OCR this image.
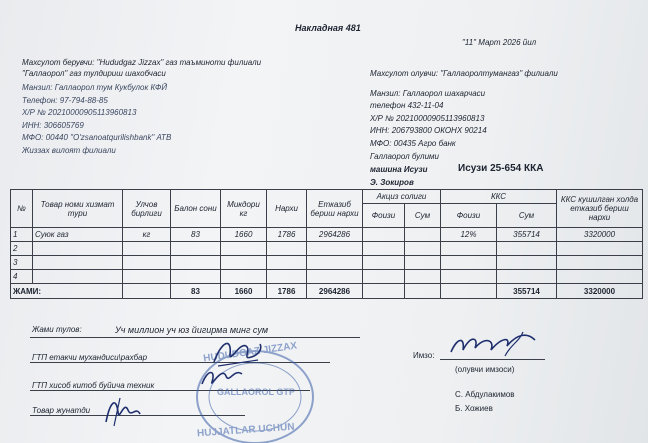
Накладная 481
"11" Март 2026 йил
Махсулот берувчи: "Hududgaz Jizzax" газ таъминоти филиали
"Галлаорол" газ тулдириш шахобчаси
Манзил: Галлаорол тум Кукбулок КФЙ
Телефон: 97-794-88-85
Х/Р № 20210000905113960813
ИНН: 306605769
МФО: 00440 "O'zsanoatqurilishbank" АТВ
Жиззах вилоят филиали
Махсулот олувчи: "Галлаоролтумангаз" филиали
Манзил: Галлаорол шахарчаси
телефон 432-11-04
Х/Р № 20210000905113960813
ИНН: 206793800 ОКОНХ 90214
МФО: 00435 Агро банк
Галлаорол булими
машина Исузи	Исузи 25-654 ККА
Э. Зокиров
№	Товар номи хизмат тури	Улчов бирлиги	Балон сони	Микдори кг	Нархи	Етказиб бериш нархи	Акциз солиги		ККС		ККС кушилган холда етказиб бериш нархи
							Фоизи	Сум	Фоизи	Сум	
1	Суюк газ	кг	83	1660	1786	2964286			12%	355714	3320000
2											
3											
4											
ЖАМИ:			83	1660	1786	2964286				355714	3320000
Жами тулов:	Уч миллион уч юз йигирма минг сум
ГТП етакчи мухандиси\рахбар
ГТП хисоб китоб буйича техник
Товар жунатди
Имзо:
(олувчи имзоси)
С. Абдулакимов
Б. Хожиев
HUDUDGAZ JIZZAX
GALLAOROL GTP
HUJJATLAR UCHUN
